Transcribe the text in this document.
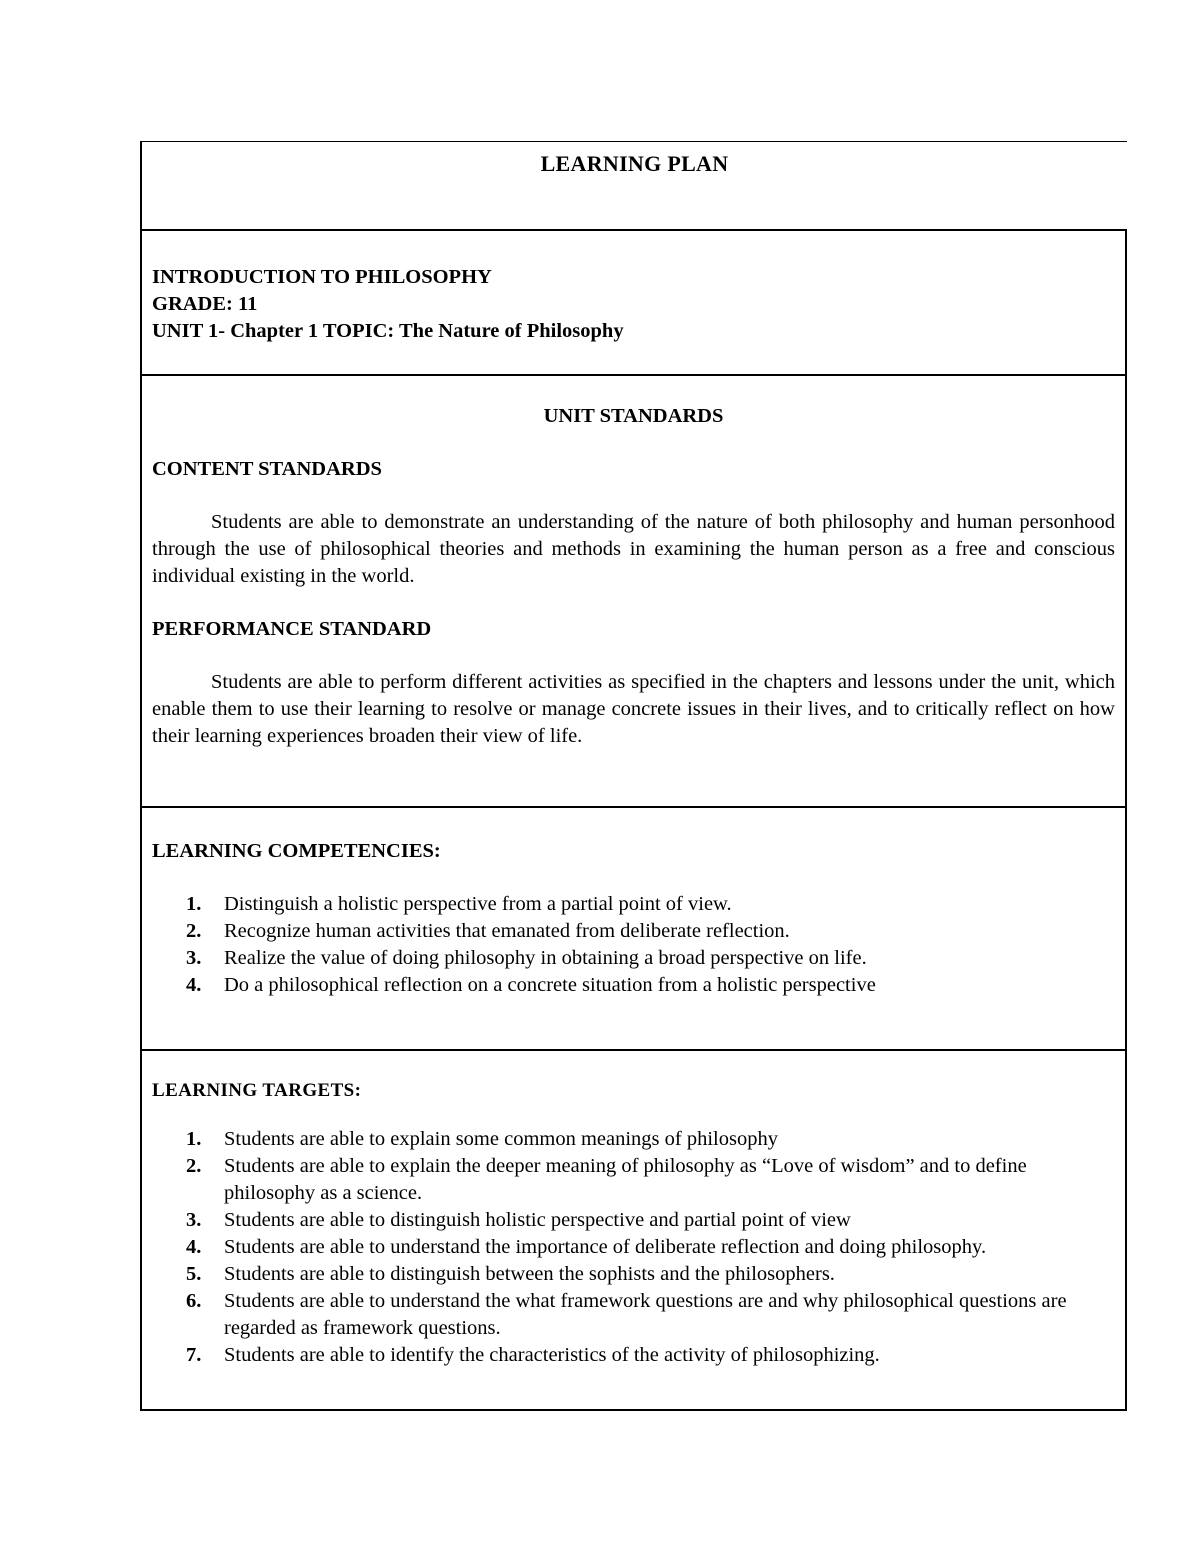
LEARNING PLAN
INTRODUCTION TO PHILOSOPHY
GRADE: 11
UNIT 1- Chapter 1 TOPIC: The Nature of Philosophy
UNIT STANDARDS
CONTENT STANDARDS

Students are able to demonstrate an understanding of the nature of both philosophy and human personhood through the use of philosophical theories and methods in examining the human person as a free and conscious individual existing in the world.

PERFORMANCE STANDARD

Students are able to perform different activities as specified in the chapters and lessons under the unit, which enable them to use their learning to resolve or manage concrete issues in their lives, and to critically reflect on how their learning experiences broaden their view of life.

LEARNING COMPETENCIES:
1.	Distinguish a holistic perspective from a partial point of view.
2.	Recognize human activities that emanated from deliberate reflection.
3.	Realize the value of doing philosophy in obtaining a broad perspective on life.
4.	Do a philosophical reflection on a concrete situation from a holistic perspective
LEARNING TARGETS:
1.	Students are able to explain some common meanings of philosophy
2.	Students are able to explain the deeper meaning of philosophy as “Love of wisdom” and to define philosophy as a science.
3.	Students are able to distinguish holistic perspective and partial point of view
4.	Students are able to understand the importance of deliberate reflection and doing philosophy.
5.	Students are able to distinguish between the sophists and the philosophers.
6.	Students are able to understand the what framework questions are and why philosophical questions are regarded as framework questions.
7.	Students are able to identify the characteristics of the activity of philosophizing.
